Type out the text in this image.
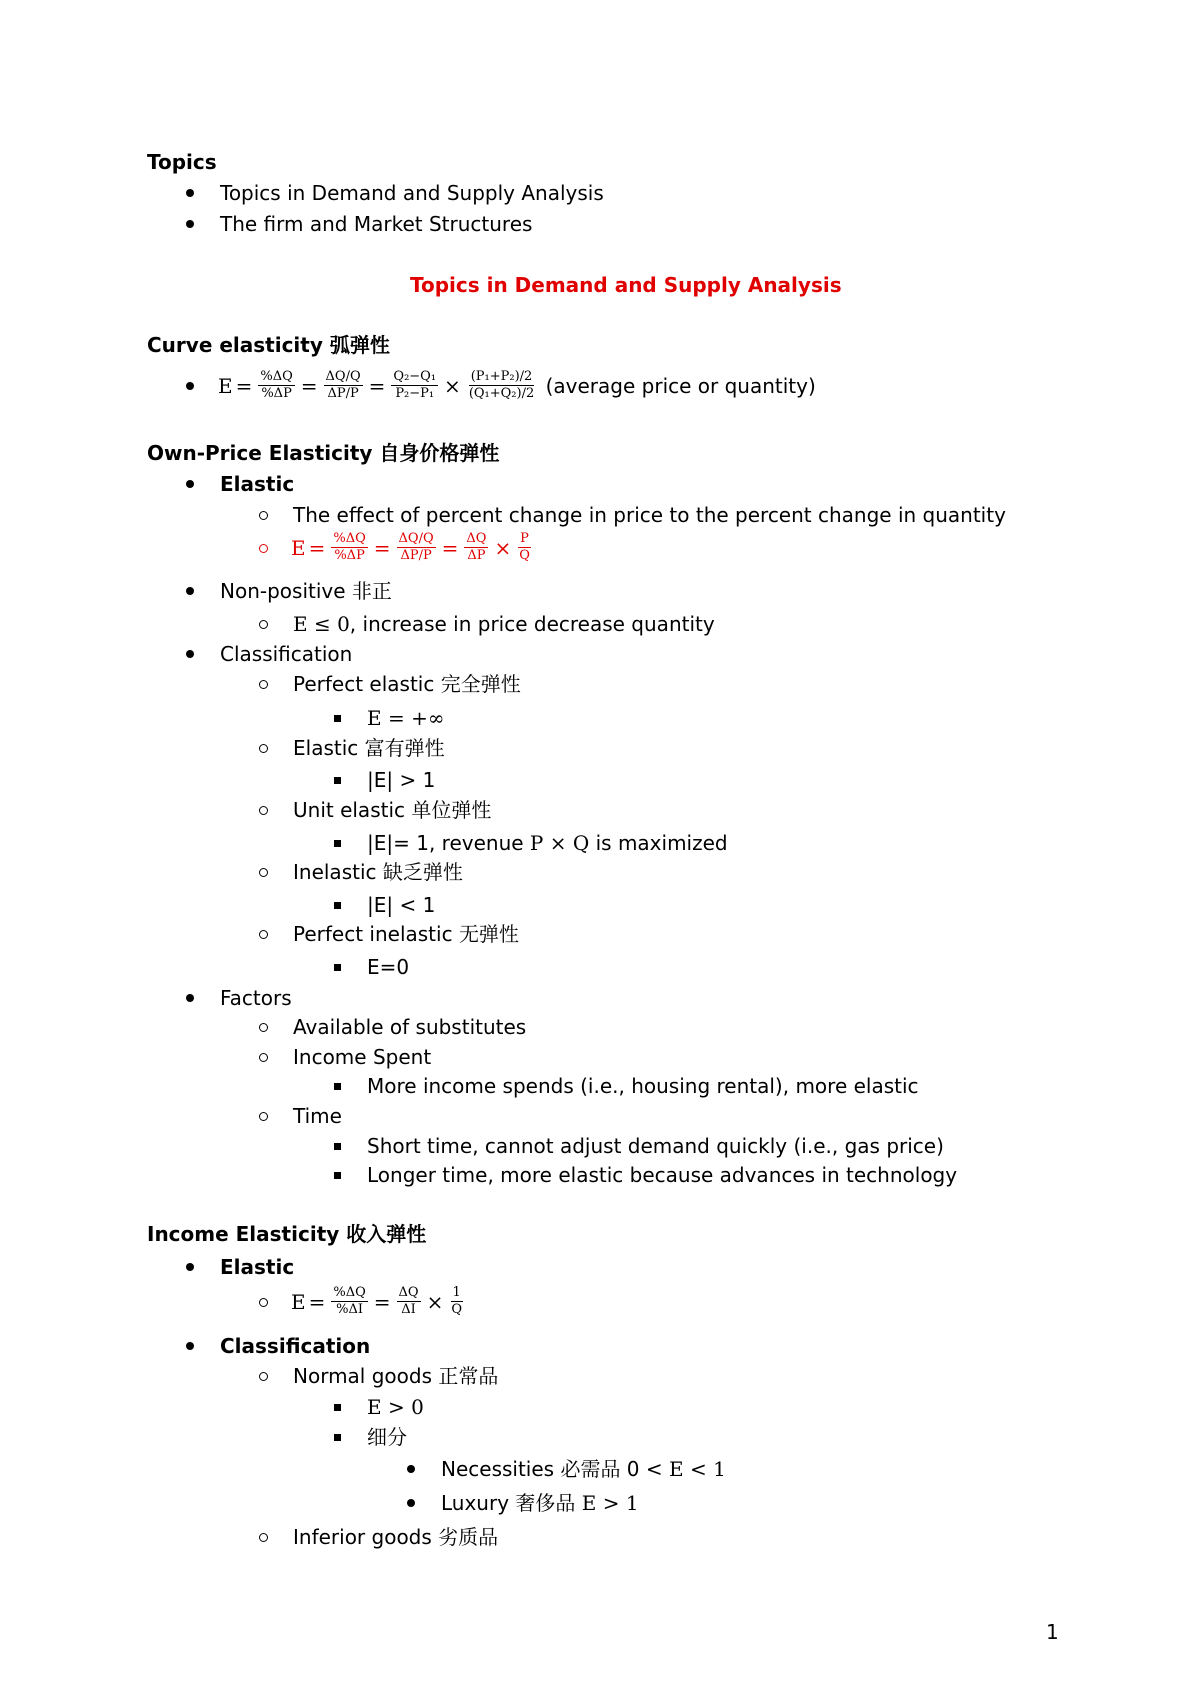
Topics
Topics in Demand and Supply Analysis
The firm and Market Structures
Topics in Demand and Supply Analysis
Curve elasticity 弧弹性
$E = \frac{\%\Delta Q}{\%\Delta P} = \frac{\Delta Q/Q}{\Delta P/P} = \frac{\text{Q₂−Q₁}}{\text{P₂−P₁}} \times \frac{\text{(P₁+P₂)/2}}{\text{(Q₁+Q₂)/2}}$ (average price or quantity)
Own-Price Elasticity 自身价格弹性
Elastic
The effect of percent change in price to the percent change in quantity
$E = \frac{\%\Delta Q}{\%\Delta P} = \frac{\Delta Q/Q}{\Delta P/P} = \frac{\Delta Q}{\Delta P} \times \frac{P}{Q}$
Non-positive 非正
E ≤ 0, increase in price decrease quantity
Classification
Perfect elastic 完全弹性
E = +∞
Elastic 富有弹性
|E| > 1
Unit elastic 单位弹性
|E|= 1, revenue P × Q is maximized
Inelastic 缺乏弹性
|E| < 1
Perfect inelastic 无弹性
E=0
Factors
Available of substitutes
Income Spent
More income spends (i.e., housing rental), more elastic
Time
Short time, cannot adjust demand quickly (i.e., gas price)
Longer time, more elastic because advances in technology
Income Elasticity 收入弹性
Elastic
$E = \frac{\%\Delta Q}{\%\Delta I} = \frac{\Delta Q}{\Delta I} \times \frac{1}{Q}$
Classification
Normal goods 正常品
E > 0
细分
Necessities 必需品 0 < E < 1
Luxury 奢侈品 E > 1
Inferior goods 劣质品
1
